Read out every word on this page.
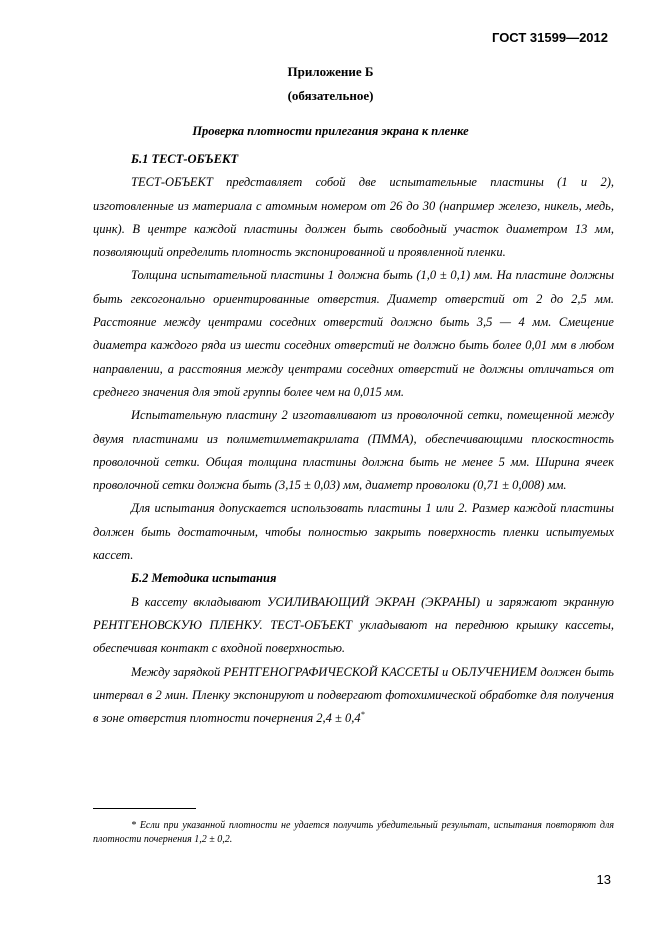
ГОСТ 31599—2012
Приложение Б
(обязательное)
Проверка плотности прилегания экрана к пленке

Б.1 ТЕСТ-ОБЪЕКТ

ТЕСТ-ОБЪЕКТ представляет собой две испытательные пластины (1 и 2), изготовленные из материала с атомным номером от 26 до 30 (например железо, никель, медь, цинк). В центре каждой пластины должен быть свободный участок диаметром 13 мм, позволяющий определить плотность экспонированной и проявленной пленки.

Толщина испытательной пластины 1 должна быть (1,0 ± 0,1) мм. На пластине должны быть гексогонально ориентированные отверстия. Диаметр отверстий от 2 до 2,5 мм. Расстояние между центрами соседних отверстий должно быть 3,5 — 4 мм. Смещение диаметра каждого ряда из шести соседних отверстий не должно быть более 0,01 мм в любом направлении, а расстояния между центрами соседних отверстий не должны отличаться от среднего значения для этой группы более чем на 0,015 мм.

Испытательную пластину 2 изготавливают из проволочной сетки, помещенной между двумя пластинами из полиметилметакрилата (ПММА), обеспечивающими плоскостность проволочной сетки. Общая толщина пластины должна быть не менее 5 мм. Ширина ячеек проволочной сетки должна быть (3,15 ± 0,03) мм, диаметр проволоки (0,71 ± 0,008) мм.

Для испытания допускается использовать пластины 1 или 2. Размер каждой пластины должен быть достаточным, чтобы полностью закрыть поверхность пленки испытуемых кассет.

Б.2 Методика испытания

В кассету вкладывают УСИЛИВАЮЩИЙ ЭКРАН (ЭКРАНЫ) и заряжают экранную РЕНТГЕНОВСКУЮ ПЛЕНКУ. ТЕСТ-ОБЪЕКТ укладывают на переднюю крышку кассеты, обеспечивая контакт с входной поверхностью.

Между зарядкой РЕНТГЕНОГРАФИЧЕСКОЙ КАССЕТЫ и ОБЛУЧЕНИЕМ должен быть интервал в 2 мин. Пленку экспонируют и подвергают фотохимической обработке для получения в зоне отверстия плотности почернения 2,4 ± 0,4*

* Если при указанной плотности не удается получить убедительный результат, испытания повторяют для плотности почернения 1,2 ± 0,2.
13
